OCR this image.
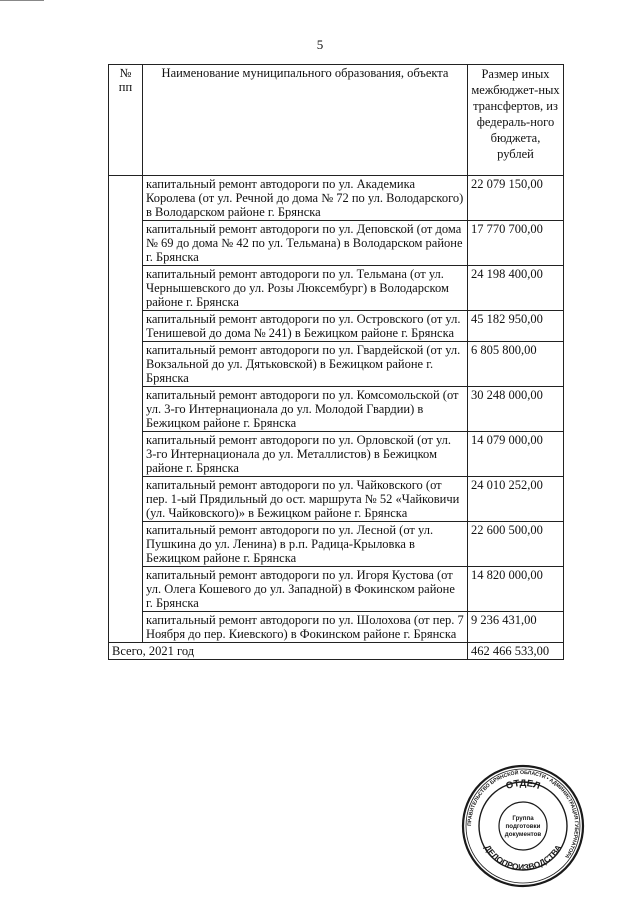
5
№ пп	Наименование муниципального образования, объекта	Размер иных межбюджет-ных трансфертов, из федераль-ного бюджета, рублей
	капитальный ремонт автодороги по ул. Академика Королева (от ул. Речной до дома № 72 по ул. Володарского) в Володарском районе г. Брянска	22 079 150,00
	капитальный ремонт автодороги по ул. Деповской (от дома № 69 до дома № 42 по ул. Тельмана) в Володарском районе г. Брянска	17 770 700,00
	капитальный ремонт автодороги по ул. Тельмана (от ул. Чернышевского до ул. Розы Люксембург) в Володарском районе г. Брянска	24 198 400,00
	капитальный ремонт автодороги по ул. Островского (от ул. Тенишевой до дома № 241) в Бежицком районе г. Брянска	45 182 950,00
	капитальный ремонт автодороги по ул. Гвардейской (от ул. Вокзальной до ул. Дятьковской) в Бежицком районе г. Брянска	6 805 800,00
	капитальный ремонт автодороги по ул. Комсомольской (от ул. 3-го Интернационала до ул. Молодой Гвардии) в Бежицком районе г. Брянска	30 248 000,00
	капитальный ремонт автодороги по ул. Орловской (от ул. 3-го Интернационала до ул. Металлистов) в Бежицком районе г. Брянска	14 079 000,00
	капитальный ремонт автодороги по ул. Чайковского (от пер. 1-ый Прядильный до ост. маршрута № 52 «Чайковичи (ул. Чайковского)» в Бежицком районе г. Брянска	24 010 252,00
	капитальный ремонт автодороги по ул. Лесной (от ул. Пушкина до ул. Ленина) в р.п. Радица-Крыловка в Бежицком районе г. Брянска	22 600 500,00
	капитальный ремонт автодороги по ул. Игоря Кустова (от ул. Олега Кошевого до ул. Западной) в Фокинском районе г. Брянска	14 820 000,00
	капитальный ремонт автодороги по ул. Шолохова (от пер. 7 Ноября до пер. Киевского) в Фокинском районе г. Брянска	9 236 431,00
Всего, 2021 год		462 466 533,00
ПРАВИТЕЛЬСТВО БРЯНСКОЙ ОБЛАСТИ • АДМИНИСТРАЦИЯ ГУБЕРНАТОРА
ОТДЕЛ
ДЕЛОПРОИЗВОДСТВА
Группа
подготовки
документов
